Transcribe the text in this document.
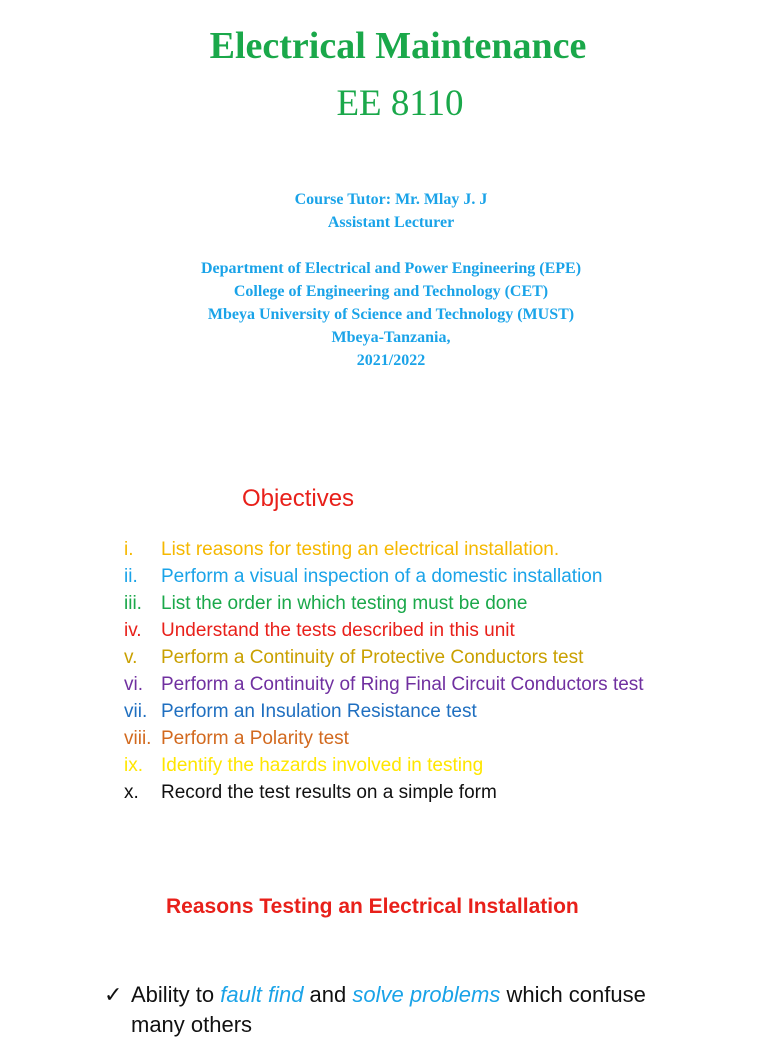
Electrical Maintenance
EE 8110
Course Tutor: Mr. Mlay J. J
Assistant Lecturer
Department of Electrical and Power Engineering (EPE)
College of Engineering and Technology (CET)
Mbeya University of Science and Technology (MUST)
Mbeya-Tanzania,
2021/2022
Objectives
i. List reasons for testing an electrical installation.
ii. Perform a visual inspection of a domestic installation
iii. List the order in which testing must be done
iv. Understand the tests described in this unit
v. Perform a Continuity of Protective Conductors test
vi. Perform a Continuity of Ring Final Circuit Conductors test
vii. Perform an Insulation Resistance test
viii. Perform a Polarity test
ix. Identify the hazards involved in testing
x. Record the test results on a simple form
Reasons Testing an Electrical Installation
✓ Ability to fault find and solve problems which confuse
many others
